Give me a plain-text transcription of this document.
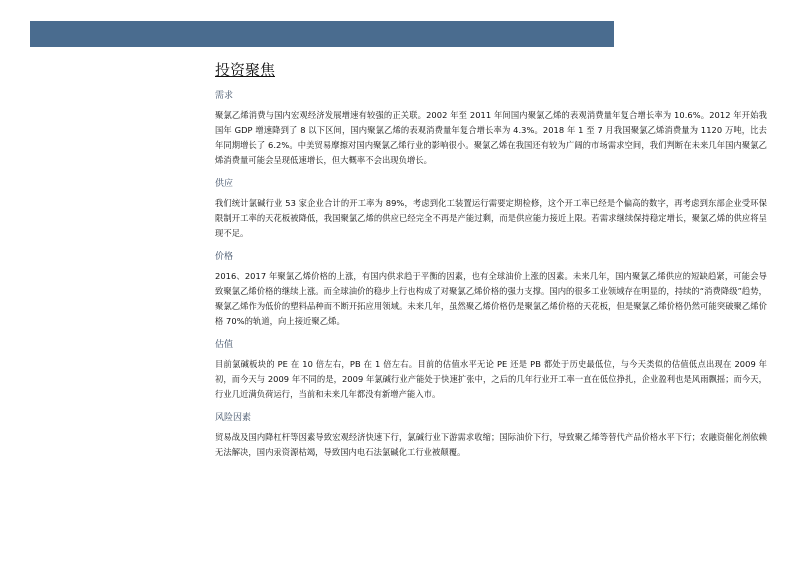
投资聚焦
需求

聚氯乙烯消费与国内宏观经济发展增速有较强的正关联。2002 年至 2011 年间国内聚氯乙烯的表观消费量年复合增长率为 10.6%。2012 年开始我国年 GDP 增速降到了 8 以下区间，国内聚氯乙烯的表观消费量年复合增长率为 4.3%。2018 年 1 至 7 月我国聚氯乙烯消费量为 1120 万吨，比去年同期增长了 6.2%。中美贸易摩擦对国内聚氯乙烯行业的影响很小。聚氯乙烯在我国还有较为广阔的市场需求空间，我们判断在未来几年国内聚氯乙烯消费量可能会呈现低速增长，但大概率不会出现负增长。

供应

我们统计氯碱行业 53 家企业合计的开工率为 89%，考虑到化工装置运行需要定期检修，这个开工率已经是个偏高的数字，再考虑到东部企业受环保限制开工率的天花板被降低，我国聚氯乙烯的供应已经完全不再是产能过剩，而是供应能力接近上限。若需求继续保持稳定增长，聚氯乙烯的供应将呈现不足。

价格

2016、2017 年聚氯乙烯价格的上涨，有国内供求趋于平衡的因素，也有全球油价上涨的因素。未来几年，国内聚氯乙烯供应的短缺趋紧，可能会导致聚氯乙烯价格的继续上涨。而全球油价的稳步上行也构成了对聚氯乙烯价格的强力支撑。国内的很多工业领域存在明显的，持续的“消费降级”趋势，聚氯乙烯作为低价的塑料品种而不断开拓应用领域。未来几年，虽然聚乙烯价格仍是聚氯乙烯价格的天花板，但是聚氯乙烯价格仍然可能突破聚乙烯价格 70%的轨道，向上接近聚乙烯。

估值

目前氯碱板块的 PE 在 10 倍左右，PB 在 1 倍左右。目前的估值水平无论 PE 还是 PB 都处于历史最低位，与今天类似的估值低点出现在 2009 年初，而今天与 2009 年不同的是，2009 年氯碱行业产能处于快速扩张中，之后的几年行业开工率一直在低位挣扎，企业盈利也是风雨飘摇；而今天，行业几近满负荷运行，当前和未来几年都没有新增产能入市。

风险因素

贸易战及国内降杠杆等因素导致宏观经济快速下行，氯碱行业下游需求收缩；国际油价下行，导致聚乙烯等替代产品价格水平下行；农融资催化剂依赖无法解决，国内汞资源枯竭，导致国内电石法氯碱化工行业被颠覆。
